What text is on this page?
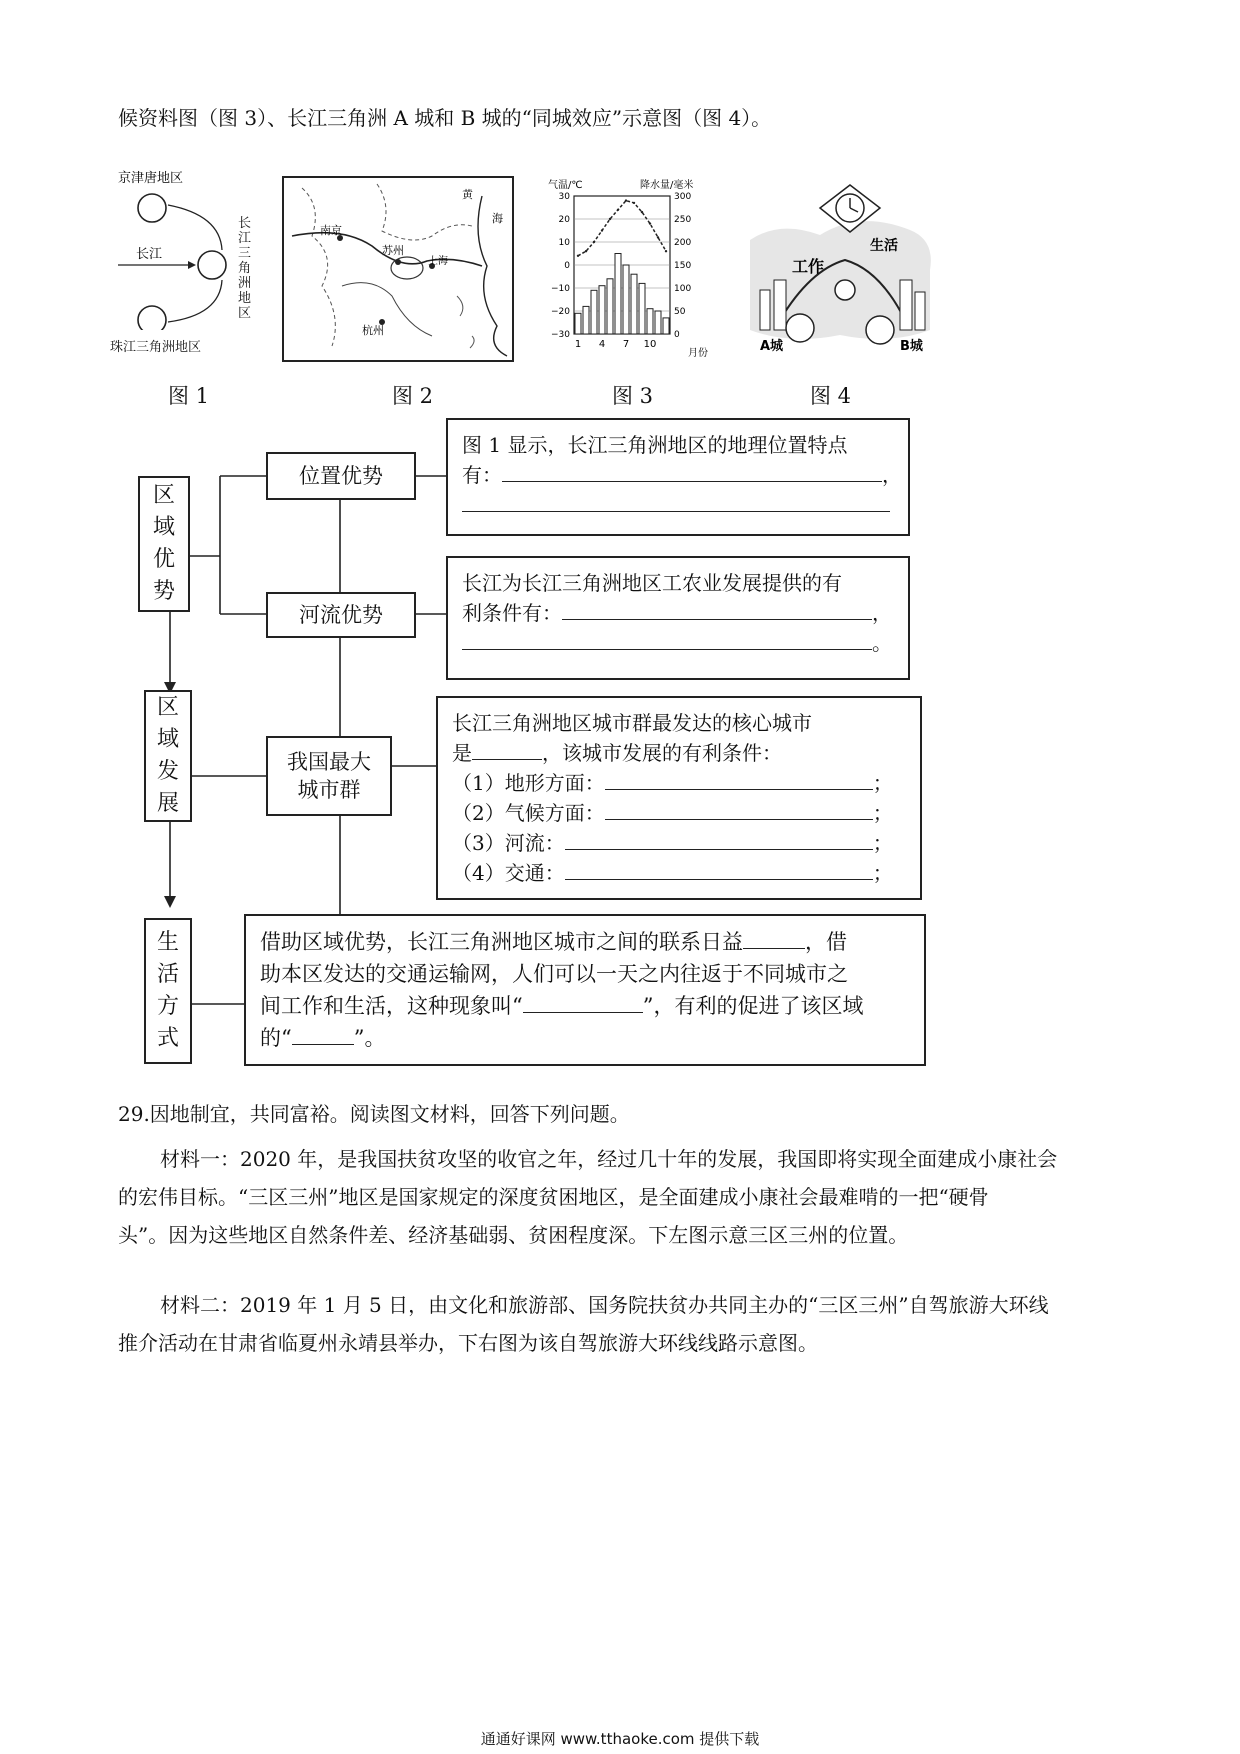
候资料图（图 3）、长江三角洲 A 城和 B 城的“同城效应”示意图（图 4）。
京津唐地区
长江
长江三角洲地区
珠江三角洲地区
图 1
南京
苏州
杭州
上海
黄
海
图 2
气温/℃	降水量/毫米
月份
30	300
20	250
10	200
0	150
−10	100
−20	50
−30	0
1 4 7 10
图 3
工作
生活
A城	B城
图 4
区
域
优
势
区
域
发
展
生
活
方
式
位置优势
河流优势
我国最大
城市群
图 1 显示，长江三角洲地区的地理位置特点
有：	，
长江为长江三角洲地区工农业发展提供的有
利条件有：	，
。
长江三角洲地区城市群最发达的核心城市
是	，该城市发展的有利条件：
（1）地形方面：	；
（2）气候方面：	；
（3）河流：	；
（4）交通：	；
借助区域优势，长江三角洲地区城市之间的联系日益	，借
助本区发达的交通运输网，人们可以一天之内往返于不同城市之
间工作和生活，这种现象叫“	”，有利的促进了该区域
的“	”。
29.因地制宜，共同富裕。阅读图文材料，回答下列问题。
材料一：2020 年，是我国扶贫攻坚的收官之年，经过几十年的发展，我国即将实现全面建成小康社会
的宏伟目标。“三区三州”地区是国家规定的深度贫困地区，是全面建成小康社会最难啃的一把“硬骨
头”。因为这些地区自然条件差、经济基础弱、贫困程度深。下左图示意三区三州的位置。
材料二：2019 年 1 月 5 日，由文化和旅游部、国务院扶贫办共同主办的“三区三州”自驾旅游大环线
推介活动在甘肃省临夏州永靖县举办，下右图为该自驾旅游大环线线路示意图。
通通好课网 www.tthaoke.com 提供下载
